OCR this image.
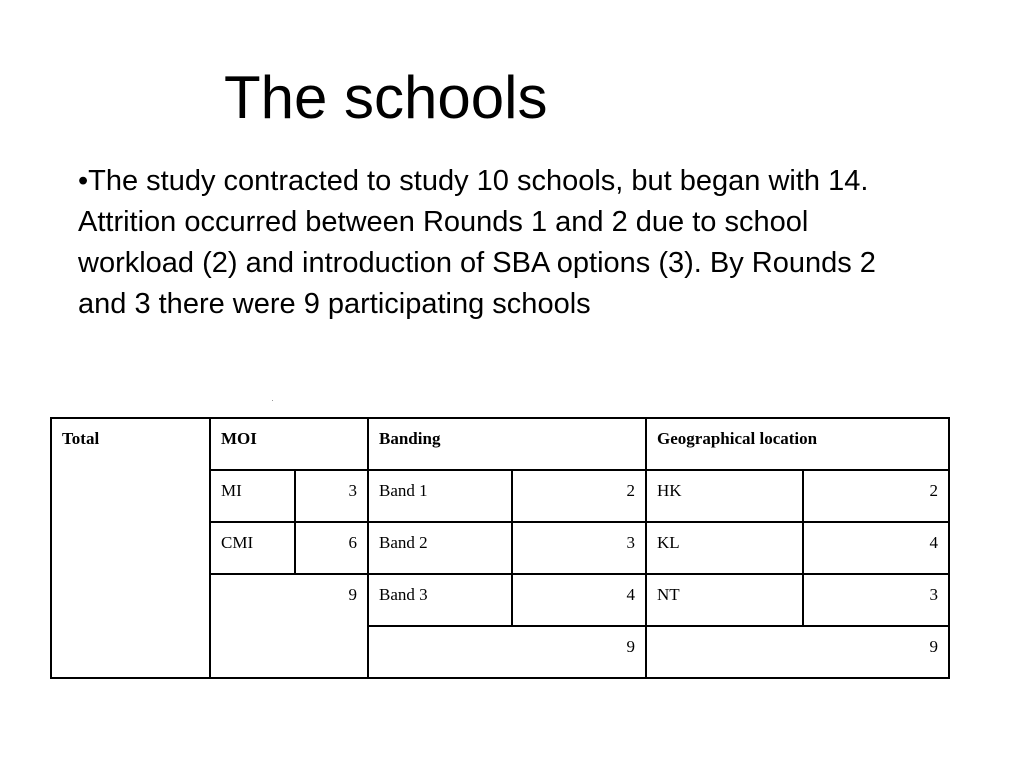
The schools

•The study contracted to study 10 schools, but began with 14. Attrition occurred between Rounds 1 and 2 due to school workload (2) and introduction of SBA options (3). By Rounds 2 and 3 there were 9 participating schools

Total	MOI		Banding		Geographical location	
	MI	3	Band 1	2	HK	2
	CMI	6	Band 2	3	KL	4
	9		Band 3	4	NT	3
			9		9	
